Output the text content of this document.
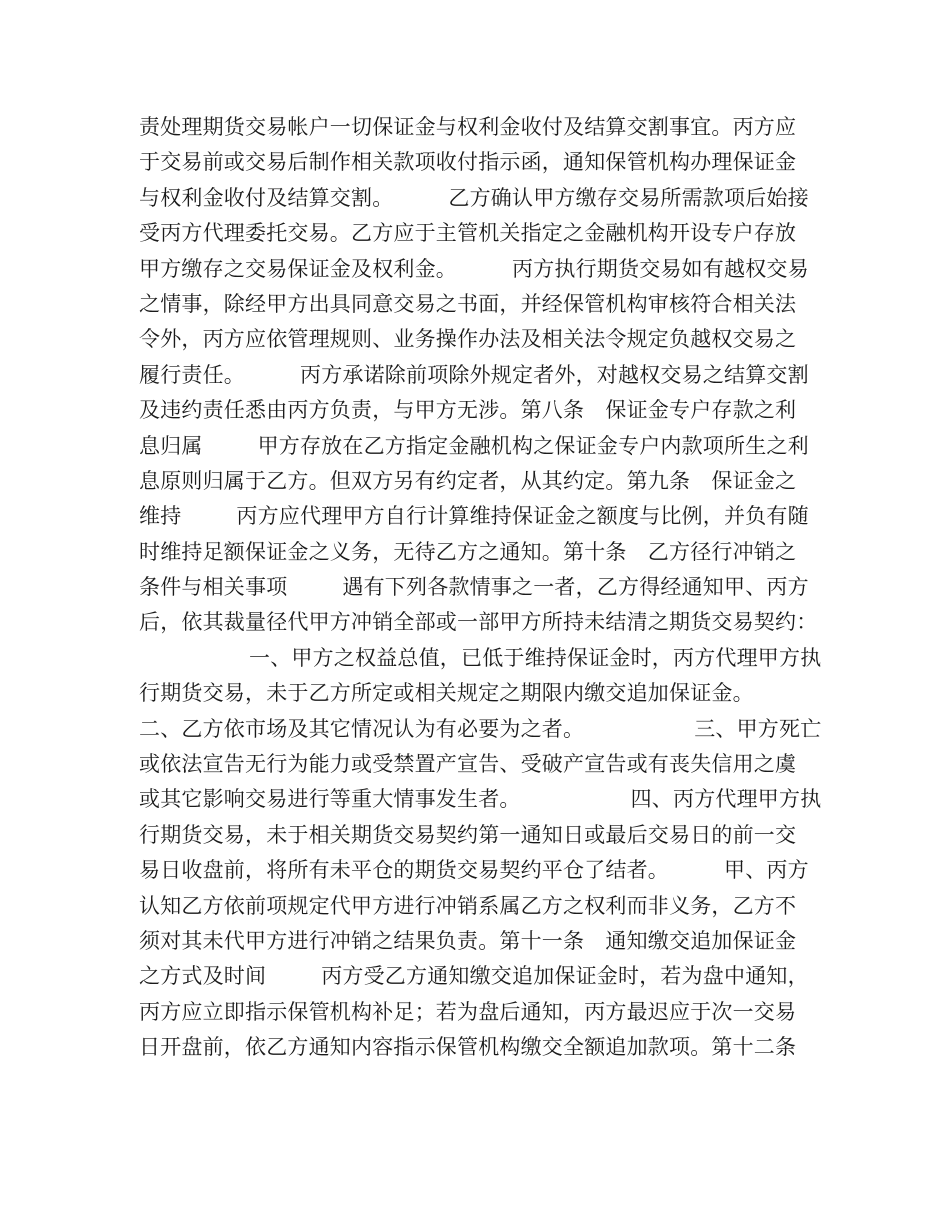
责处理期货交易帐户一切保证金与权利金收付及结算交割事宜。丙方应
于交易前或交易后制作相关款项收付指示函，通知保管机构办理保证金
与权利金收付及结算交割。        乙方确认甲方缴存交易所需款项后始接
受丙方代理委托交易。乙方应于主管机关指定之金融机构开设专户存放
甲方缴存之交易保证金及权利金。        丙方执行期货交易如有越权交易
之情事，除经甲方出具同意交易之书面，并经保管机构审核符合相关法
令外，丙方应依管理规则、业务操作办法及相关法令规定负越权交易之
履行责任。        丙方承诺除前项除外规定者外，对越权交易之结算交割
及违约责任悉由丙方负责，与甲方无涉。第八条　保证金专户存款之利
息归属        甲方存放在乙方指定金融机构之保证金专户内款项所生之利
息原则归属于乙方。但双方另有约定者，从其约定。第九条　保证金之
维持        丙方应代理甲方自行计算维持保证金之额度与比例，并负有随
时维持足额保证金之义务，无待乙方之通知。第十条　乙方径行冲销之
条件与相关事项        遇有下列各款情事之一者，乙方得经通知甲、丙方
后，依其裁量径代甲方冲销全部或一部甲方所持未结清之期货交易契约：
一、甲方之权益总值，已低于维持保证金时，丙方代理甲方执
行期货交易，未于乙方所定或相关规定之期限内缴交追加保证金。
二、乙方依市场及其它情况认为有必要为之者。                三、甲方死亡
或依法宣告无行为能力或受禁置产宣告、受破产宣告或有丧失信用之虞
或其它影响交易进行等重大情事发生者。                四、丙方代理甲方执
行期货交易，未于相关期货交易契约第一通知日或最后交易日的前一交
易日收盘前，将所有未平仓的期货交易契约平仓了结者。        甲、丙方
认知乙方依前项规定代甲方进行冲销系属乙方之权利而非义务，乙方不
须对其未代甲方进行冲销之结果负责。第十一条　通知缴交追加保证金
之方式及时间        丙方受乙方通知缴交追加保证金时，若为盘中通知，
丙方应立即指示保管机构补足；若为盘后通知，丙方最迟应于次一交易
日开盘前，依乙方通知内容指示保管机构缴交全额追加款项。第十二条
